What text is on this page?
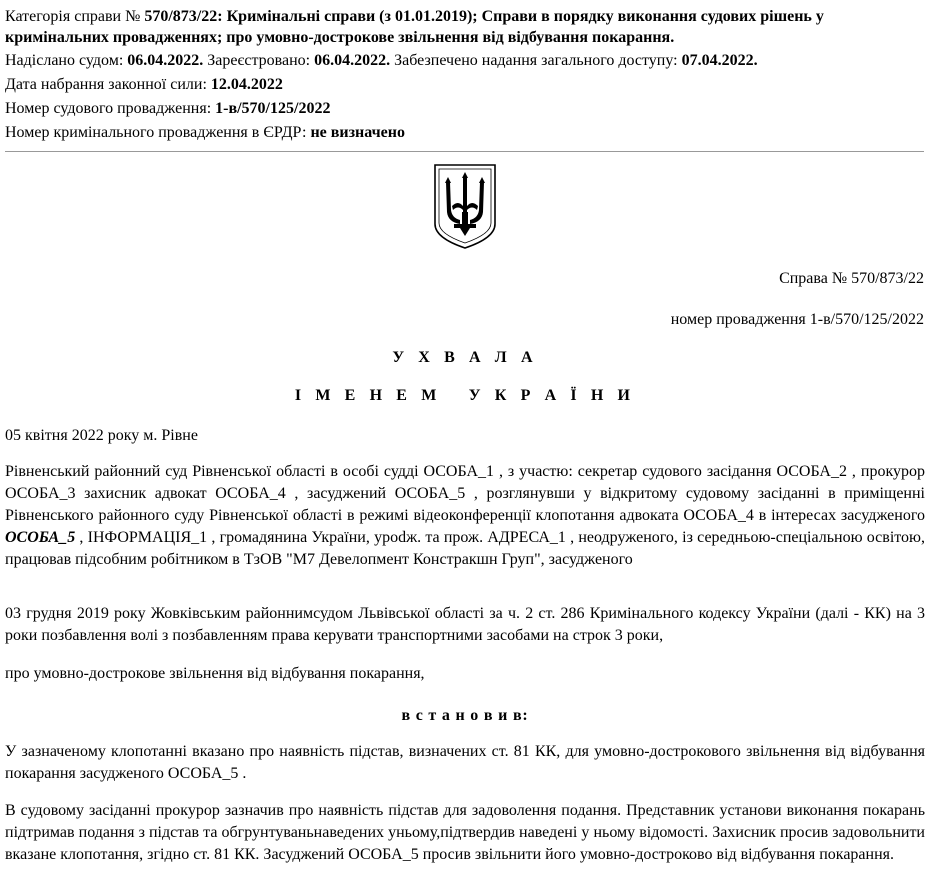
Категорія справи № 570/873/22: Кримінальні справи (з 01.01.2019); Справи в порядку виконання судових рішень у кримінальних провадженнях; про умовно-дострокове звільнення від відбування покарання.

Надіслано судом: 06.04.2022. Зареєстровано: 06.04.2022. Забезпечено надання загального доступу: 07.04.2022.

Дата набрання законної сили: 12.04.2022

Номер судового провадження: 1-в/570/125/2022

Номер кримінального провадження в ЄРДР: не визначено

Справа № 570/873/22
номер провадження 1-в/570/125/2022
У Х В А Л А
І М Е Н Е М   У К Р А Ї Н И

05 квітня 2022 року м. Рівне

Рівненський районний суд Рівненської області в особі судді ОСОБА_1 , з участю: секретар судового засідання ОСОБА_2 , прокурор ОСОБА_3 захисник адвокат ОСОБА_4 , засуджений ОСОБА_5 , розглянувши у відкритому судовому засіданні в приміщенні Рівненського районного суду Рівненської області в режимі відеоконференції клопотання адвоката ОСОБА_4 в інтересах засудженого ОСОБА_5 , ІНФОРМАЦІЯ_1 , громадянина України, урodж. та прож. АДРЕСА_1 , неодруженого, із середньою-спеціальною освітою, працював підсобним робітником в ТзОВ "М7 Девелопмент Констракшн Груп", засудженого

03 грудня 2019 року Жовківським районнимсудом Львівської області за ч. 2 ст. 286 Кримінального кодексу України (далі - КК) на 3 роки позбавлення волі з позбавленням права керувати транспортними засобами на строк 3 роки,

про умовно-дострокове звільнення від відбування покарання,

в с т а н о в и в:

У зазначеному клопотанні вказано про наявність підстав, визначених ст. 81 КК, для умовно-дострокового звільнення від відбування покарання засудженого ОСОБА_5 .

В судовому засіданні прокурор зазначив про наявність підстав для задоволення подання. Представник установи виконання покарань підтримав подання з підстав та обгрунтуваньнаведених уньому,підтвердив наведені у ньому відомості. Захисник просив задовольнити вказане клопотання, згідно ст. 81 КК. Засуджений ОСОБА_5 просив звільнити його умовно-достроково від відбування покарання.
